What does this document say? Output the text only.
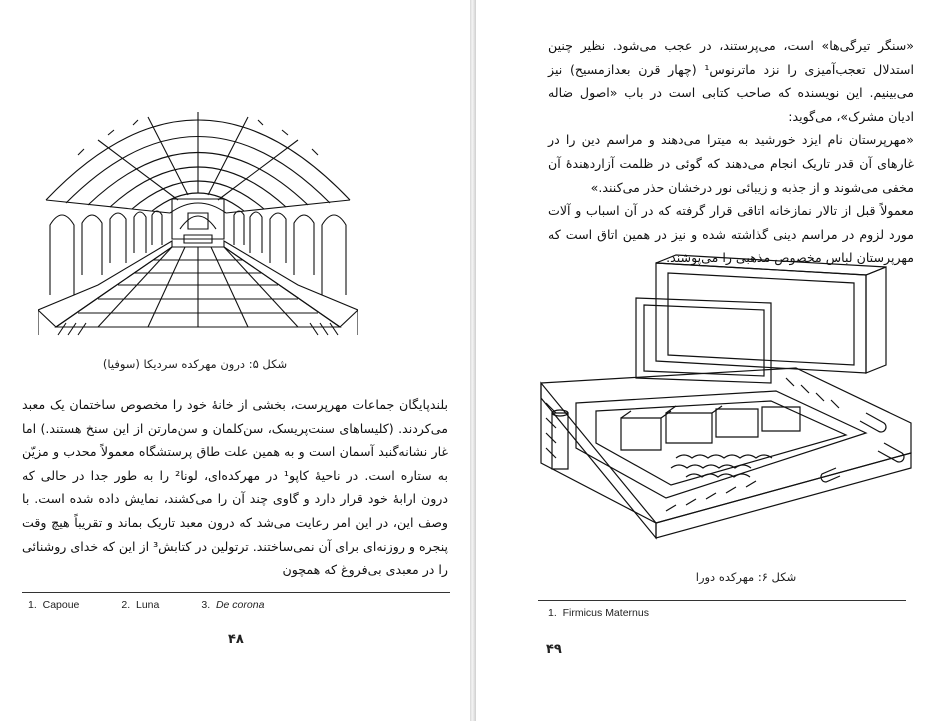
شکل ۵: درون مهرکده سردیکا (سوفیا)

بلندپایگان جماعات مهرپرست، بخشی از خانهٔ خود را مخصوص ساختمان یک معبد می‌کردند. (کلیساهای سنت‌پریسک، سن‌کلمان و سن‌مارتن از این سنخ هستند.) اما غار نشانه‌گنبد آسمان است و به همین علت طاق پرستشگاه معمولاً محدب و مزیّن به ستاره است. در ناحیهٔ کاپو¹ در مهرکده‌ای، لونا² را به طور جدا در حالی که درون ارابهٔ خود قرار دارد و گاوی چند آن را می‌کشند، نمایش داده شده است. با وصف این، در این امر رعایت می‌شد که درون معبد تاریک بماند و تقریباً هیچ وقت پنجره و روزنه‌ای برای آن نمی‌ساختند. ترتولین در کتابش³ از این که خدای روشنائی را در معبدی بی‌فروغ که همچون

1. Capoue	2. Luna	3. De corona
۴۸

«سنگر تیرگی‌ها» است، می‌پرستند، در عجب می‌شود. نظیر چنین استدلال تعجب‌آمیزی را نزد ماترنوس¹ (چهار قرن بعدازمسیح) نیز می‌بینیم. این نویسنده که صاحب کتابی است در باب «اصول ضاله ادیان مشرک»، می‌گوید:

«مهرپرستان نام ایزد خورشید به میترا می‌دهند و مراسم دین را در غارهای آن قدر تاریک انجام می‌دهند که گوئی در ظلمت آزاردهندهٔ آن مخفی می‌شوند و از جذبه و زیبائی نور درخشان حذر می‌کنند.»

معمولاً قبل از تالار نمازخانه اتاقی قرار گرفته که در آن اسباب و آلات مورد لزوم در مراسم دینی گذاشته شده و نیز در همین اتاق است که مهرپرستان لباس مخصوص مذهبی را می‌پوشند.

شکل ۶: مهرکده دورا
1. Firmicus Maternus
۴۹
